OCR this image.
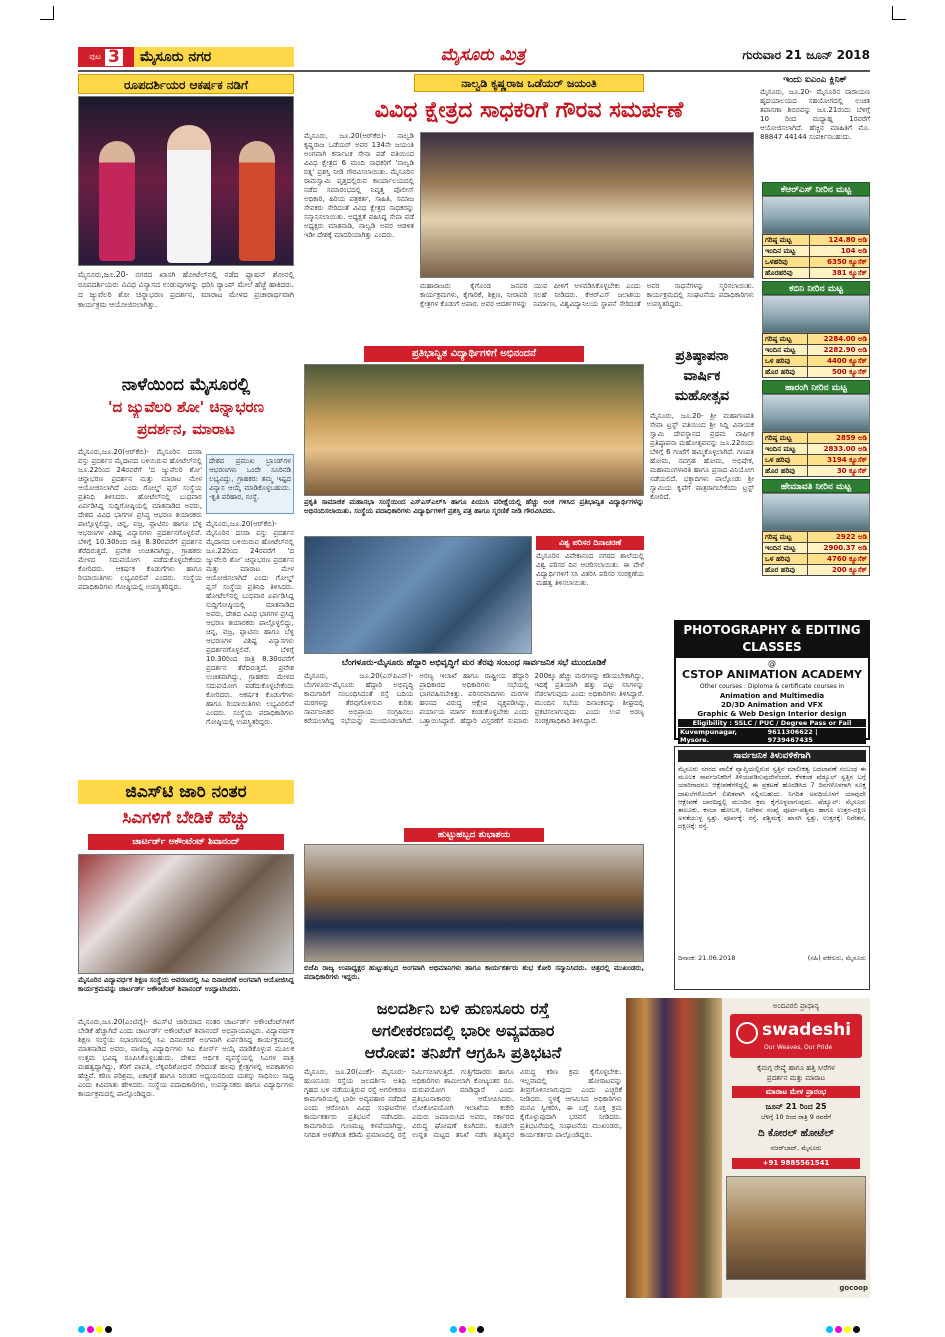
ಪುಟ 3	ಮೈಸೂರು ನಗರ	ಮೈಸೂರು ಮಿತ್ರ	ಗುರುವಾರ 21 ಜೂನ್ 2018
ರೂಪದರ್ಶಿಯರ ಆಕರ್ಷಕ ನಡಿಗೆ
ಮೈಸೂರು,ಜೂ.20- ನಗರದ ಖಾಸಗಿ ಹೋಟೆಲ್‌ನಲ್ಲಿ ನಡೆದ ಫ್ಯಾಷನ್ ಶೋನಲ್ಲಿ ರೂಪದರ್ಶಿಯರು ವಿವಿಧ ವಿನ್ಯಾಸದ ಉಡುಪುಗಳನ್ನು ಧರಿಸಿ ರ್‍ಯಾಂಪ್ ಮೇಲೆ ಹೆಜ್ಜೆ ಹಾಕಿದರು. ದ ಜ್ಯುವೆಲರಿ ಶೋ ಚಿನ್ನಾಭರಣ ಪ್ರದರ್ಶನ, ಮಾರಾಟ ಮೇಳದ ಪ್ರಚಾರಾರ್ಥವಾಗಿ ಕಾರ್ಯಕ್ರಮ ಆಯೋಜಿಸಲಾಗಿತ್ತು.
ನಾಳೆಯಿಂದ ಮೈಸೂರಲ್ಲಿ
'ದ ಜ್ಯುವೆಲರಿ ಶೋ' ಚಿನ್ನಾಭರಣ
ಪ್ರದರ್ಶನ, ಮಾರಾಟ
ಮೈಸೂರು,ಜೂ.20(ಆರ್‌ಕೆಬಿ)- ಮೈಸೂರಿನ ದಸರಾ ವಸ್ತು ಪ್ರದರ್ಶನ ಮೈದಾನದ ಬಳಿಯಿರುವ ಹೋಟೆಲ್‌ನಲ್ಲಿ ಜೂ.22ರಿಂದ 24ರವರೆಗೆ 'ದ ಜ್ಯುವೆಲರಿ ಶೋ' ಚಿನ್ನಾಭರಣ ಪ್ರದರ್ಶನ ಮತ್ತು ಮಾರಾಟ ಮೇಳ ಆಯೋಜಿಸಲಾಗಿದೆ ಎಂದು ಗೋಲ್ಡ್ ಪ್ಲಸ್ ಸಂಸ್ಥೆಯ ಪ್ರತಿನಿಧಿ ತಿಳಿಸಿದರು. ಹೋಟೆಲ್‌ನಲ್ಲಿ ಬುಧವಾರ ಏರ್ಪಡಿಸಿದ್ದ ಸುದ್ದಿಗೋಷ್ಠಿಯಲ್ಲಿ ಮಾತನಾಡಿದ ಅವರು, ದೇಶದ ವಿವಿಧ ಭಾಗಗಳ ಪ್ರಸಿದ್ಧ ಆಭರಣ ತಯಾರಕರು ಪಾಲ್ಗೊಳ್ಳಲಿದ್ದು, ಚಿನ್ನ, ವಜ್ರ, ಪ್ಲಾಟಿನಂ ಹಾಗೂ ಬೆಳ್ಳಿ ಆಭರಣಗಳ ವಿಶಿಷ್ಟ ವಿನ್ಯಾಸಗಳು ಪ್ರದರ್ಶನಗೊಳ್ಳಲಿವೆ. ಬೆಳಿಗ್ಗೆ 10.30ರಿಂದ ರಾತ್ರಿ 8.30ರವರೆಗೆ ಪ್ರದರ್ಶನ ತೆರೆದಿರುತ್ತದೆ. ಪ್ರವೇಶ ಉಚಿತವಾಗಿದ್ದು, ಗ್ರಾಹಕರು ಮೇಳದ ಸದುಪಯೋಗ ಪಡೆದುಕೊಳ್ಳಬೇಕೆಂದು ಕೋರಿದರು. ಆಕರ್ಷಕ ಕೊಡುಗೆಗಳು ಹಾಗೂ ರಿಯಾಯಿತಿಗಳು ಲಭ್ಯವಿರಲಿವೆ ಎಂದರು. ಸಂಸ್ಥೆಯ ಪದಾಧಿಕಾರಿಗಳು ಗೋಷ್ಠಿಯಲ್ಲಿ ಉಪಸ್ಥಿತರಿದ್ದರು.
ದೇಶದ ಪ್ರಮುಖ ಬ್ರಾಂಡ್‌ಗಳ ಆಭರಣಗಳು ಒಂದೇ ಸೂರಿನಡಿ ಲಭ್ಯವಿದ್ದು, ಗ್ರಾಹಕರು ತಮ್ಮ ಇಷ್ಟದ ವಿನ್ಯಾಸ ಆಯ್ಕೆ ಮಾಡಿಕೊಳ್ಳಬಹುದು. -ಕೃತಿ ಪರಿಹಾರ, ಸಂಸ್ಥೆ.
ಮೈಸೂರು,ಜೂ.20(ಆರ್‌ಕೆಬಿ)- ಮೈಸೂರಿನ ದಸರಾ ವಸ್ತು ಪ್ರದರ್ಶನ ಮೈದಾನದ ಬಳಿಯಿರುವ ಹೋಟೆಲ್‌ನಲ್ಲಿ ಜೂ.22ರಿಂದ 24ರವರೆಗೆ 'ದ ಜ್ಯುವೆಲರಿ ಶೋ' ಚಿನ್ನಾಭರಣ ಪ್ರದರ್ಶನ ಮತ್ತು ಮಾರಾಟ ಮೇಳ ಆಯೋಜಿಸಲಾಗಿದೆ ಎಂದು ಗೋಲ್ಡ್ ಪ್ಲಸ್ ಸಂಸ್ಥೆಯ ಪ್ರತಿನಿಧಿ ತಿಳಿಸಿದರು. ಹೋಟೆಲ್‌ನಲ್ಲಿ ಬುಧವಾರ ಏರ್ಪಡಿಸಿದ್ದ ಸುದ್ದಿಗೋಷ್ಠಿಯಲ್ಲಿ ಮಾತನಾಡಿದ ಅವರು, ದೇಶದ ವಿವಿಧ ಭಾಗಗಳ ಪ್ರಸಿದ್ಧ ಆಭರಣ ತಯಾರಕರು ಪಾಲ್ಗೊಳ್ಳಲಿದ್ದು, ಚಿನ್ನ, ವಜ್ರ, ಪ್ಲಾಟಿನಂ ಹಾಗೂ ಬೆಳ್ಳಿ ಆಭರಣಗಳ ವಿಶಿಷ್ಟ ವಿನ್ಯಾಸಗಳು ಪ್ರದರ್ಶನಗೊಳ್ಳಲಿವೆ. ಬೆಳಿಗ್ಗೆ 10.30ರಿಂದ ರಾತ್ರಿ 8.30ರವರೆಗೆ ಪ್ರದರ್ಶನ ತೆರೆದಿರುತ್ತದೆ. ಪ್ರವೇಶ ಉಚಿತವಾಗಿದ್ದು, ಗ್ರಾಹಕರು ಮೇಳದ ಸದುಪಯೋಗ ಪಡೆದುಕೊಳ್ಳಬೇಕೆಂದು ಕೋರಿದರು. ಆಕರ್ಷಕ ಕೊಡುಗೆಗಳು ಹಾಗೂ ರಿಯಾಯಿತಿಗಳು ಲಭ್ಯವಿರಲಿವೆ ಎಂದರು. ಸಂಸ್ಥೆಯ ಪದಾಧಿಕಾರಿಗಳು ಗೋಷ್ಠಿಯಲ್ಲಿ ಉಪಸ್ಥಿತರಿದ್ದರು.
ಜಿಎಸ್‌ಟಿ ಜಾರಿ ನಂತರ
ಸಿಎಗಳಿಗೆ ಬೇಡಿಕೆ ಹೆಚ್ಚು
ಚಾರ್ಟರ್ಡ್ ಅಕೌಂಟೆಂಟ್ ಶಿವಾನಂದ್
ಮೈಸೂರಿನ ವಿದ್ಯಾವರ್ಧಕ ಶಿಕ್ಷಣ ಸಂಸ್ಥೆಯ ಆವರಣದಲ್ಲಿ ಸಿಎ ದಿನಾಚರಣೆ ಅಂಗವಾಗಿ ಆಯೋಜಿಸಿದ್ದ ಕಾರ್ಯಕ್ರಮವನ್ನು ಚಾರ್ಟರ್ಡ್ ಅಕೌಂಟೆಂಟ್ ಶಿವಾನಂದ್ ಉದ್ಘಾಟಿಸಿದರು.
ಮೈಸೂರು,ಜೂ.20(ಎಂಟಿವೈ)- ಜಿಎಸ್‌ಟಿ ಜಾರಿಯಾದ ನಂತರ ಚಾರ್ಟರ್ಡ್ ಅಕೌಂಟೆಂಟ್‌ಗಳಿಗೆ ಬೇಡಿಕೆ ಹೆಚ್ಚಾಗಿದೆ ಎಂದು ಚಾರ್ಟರ್ಡ್ ಅಕೌಂಟೆಂಟ್ ಶಿವಾನಂದ್ ಅಭಿಪ್ರಾಯಪಟ್ಟರು. ವಿದ್ಯಾವರ್ಧಕ ಶಿಕ್ಷಣ ಸಂಸ್ಥೆಯ ಸಭಾಂಗಣದಲ್ಲಿ ಸಿಎ ದಿನಾಚರಣೆ ಅಂಗವಾಗಿ ಏರ್ಪಡಿಸಿದ್ದ ಕಾರ್ಯಕ್ರಮದಲ್ಲಿ ಮಾತನಾಡಿದ ಅವರು, ವಾಣಿಜ್ಯ ವಿದ್ಯಾರ್ಥಿಗಳು ಸಿಎ ಕೋರ್ಸ್ ಆಯ್ಕೆ ಮಾಡಿಕೊಳ್ಳುವ ಮೂಲಕ ಉತ್ತಮ ಭವಿಷ್ಯ ರೂಪಿಸಿಕೊಳ್ಳಬಹುದು. ದೇಶದ ಆರ್ಥಿಕ ವ್ಯವಸ್ಥೆಯಲ್ಲಿ ಸಿಎಗಳ ಪಾತ್ರ ಮಹತ್ವದ್ದಾಗಿದ್ದು, ತೆರಿಗೆ ಪಾವತಿ, ಲೆಕ್ಕಪರಿಶೋಧನೆ ಸೇರಿದಂತೆ ಹಲವು ಕ್ಷೇತ್ರಗಳಲ್ಲಿ ಅವಕಾಶಗಳು ಹೆಚ್ಚಿವೆ. ಕಠಿಣ ಪರಿಶ್ರಮ, ಏಕಾಗ್ರತೆ ಹಾಗೂ ನಿರಂತರ ಅಧ್ಯಯನದಿಂದ ಯಶಸ್ಸು ಸಾಧಿಸಲು ಸಾಧ್ಯ ಎಂದು ಕಿವಿಮಾತು ಹೇಳಿದರು. ಸಂಸ್ಥೆಯ ಪದಾಧಿಕಾರಿಗಳು, ಉಪನ್ಯಾಸಕರು ಹಾಗೂ ವಿದ್ಯಾರ್ಥಿಗಳು ಕಾರ್ಯಕ್ರಮದಲ್ಲಿ ಪಾಲ್ಗೊಂಡಿದ್ದರು.
ನಾಲ್ವಡಿ ಕೃಷ್ಣರಾಜ ಒಡೆಯರ್ ಜಯಂತಿ
ವಿವಿಧ ಕ್ಷೇತ್ರದ ಸಾಧಕರಿಗೆ ಗೌರವ ಸಮರ್ಪಣೆ
ಮೈಸೂರು, ಜೂ.20(ಆರ್‌ಕೆಬಿ)- ನಾಲ್ವಡಿ ಕೃಷ್ಣರಾಜ ಒಡೆಯರ್ ಅವರ 134ನೇ ಜಯಂತಿ ಅಂಗವಾಗಿ ಕರ್ನಾಟಕ ಸೇನಾ ಪಡೆ ವತಿಯಿಂದ ವಿವಿಧ ಕ್ಷೇತ್ರದ 6 ಮಂದಿ ಸಾಧಕರಿಗೆ 'ನಾಲ್ವಡಿ ರತ್ನ' ಪ್ರಶಸ್ತಿ ನೀಡಿ ಗೌರವಿಸಲಾಯಿತು. ಮೈಸೂರಿನ ರಾಮಸ್ವಾಮಿ ವೃತ್ತದಲ್ಲಿರುವ ಕಾರ್ಯಾಲಯದಲ್ಲಿ ನಡೆದ ಸಮಾರಂಭದಲ್ಲಿ ನಿವೃತ್ತ ಪೊಲೀಸ್ ಅಧಿಕಾರಿ, ಹಿರಿಯ ಪತ್ರಕರ್ತ, ಸಾಹಿತಿ, ಸಮಾಜ ಸೇವಕರು ಸೇರಿದಂತೆ ವಿವಿಧ ಕ್ಷೇತ್ರದ ಸಾಧಕರನ್ನು ಸನ್ಮಾನಿಸಲಾಯಿತು. ಅಧ್ಯಕ್ಷತೆ ವಹಿಸಿದ್ದ ಸೇನಾ ಪಡೆ ಅಧ್ಯಕ್ಷರು ಮಾತನಾಡಿ, ನಾಲ್ವಡಿ ಅವರ ಆಡಳಿತ ಇಡೀ ದೇಶಕ್ಕೆ ಮಾದರಿಯಾಗಿತ್ತು ಎಂದರು.
ಮಹಾರಾಜರು ಕೈಗೊಂಡ ಜನಪರ ಕಾರ್ಯಕ್ರಮಗಳು, ಕೈಗಾರಿಕೆ, ಶಿಕ್ಷಣ, ನೀರಾವರಿ ಕ್ಷೇತ್ರಗಳ ಕೊಡುಗೆ ಅಪಾರ. ಅವರ ಆದರ್ಶಗಳನ್ನು ಯುವ ಪೀಳಿಗೆ ಅಳವಡಿಸಿಕೊಳ್ಳಬೇಕು ಎಂದು ಸಲಹೆ ನೀಡಿದರು. ಕೆಆರ್‌ಎಸ್ ಜಲಾಶಯ ನಿರ್ಮಾಣ, ವಿಶ್ವವಿದ್ಯಾನಿಲಯ ಸ್ಥಾಪನೆ ಸೇರಿದಂತೆ ಅವರ ಸಾಧನೆಗಳನ್ನು ಸ್ಮರಿಸಲಾಯಿತು. ಕಾರ್ಯಕ್ರಮದಲ್ಲಿ ಸಂಘಟನೆಯ ಪದಾಧಿಕಾರಿಗಳು ಉಪಸ್ಥಿತರಿದ್ದರು.
ಪ್ರತಿಭಾನ್ವಿತ ವಿದ್ಯಾರ್ಥಿಗಳಿಗೆ ಅಭಿನಂದನೆ
ಪ್ರಕೃತಿ ಸಾಮಾಜಿಕ ಮಹಾಸಭಾ ಸಂಸ್ಥೆಯಿಂದ ಎಸ್‌ಎಸ್‌ಎಲ್‌ಸಿ ಹಾಗೂ ಪಿಯುಸಿ ಪರೀಕ್ಷೆಯಲ್ಲಿ ಹೆಚ್ಚು ಅಂಕ ಗಳಿಸಿದ ಪ್ರತಿಭಾನ್ವಿತ ವಿದ್ಯಾರ್ಥಿಗಳನ್ನು ಅಭಿನಂದಿಸಲಾಯಿತು. ಸಂಸ್ಥೆಯ ಪದಾಧಿಕಾರಿಗಳು ವಿದ್ಯಾರ್ಥಿಗಳಿಗೆ ಪ್ರಶಸ್ತಿ ಪತ್ರ ಹಾಗೂ ಸ್ಮರಣಿಕೆ ನೀಡಿ ಗೌರವಿಸಿದರು.
ಪ್ರತಿಷ್ಠಾಪನಾ
ವಾರ್ಷಿಕ
ಮಹೋತ್ಸವ
ಮೈಸೂರು, ಜೂ.20- ಶ್ರೀ ಮಹಾಗಣಪತಿ ಸೇವಾ ಟ್ರಸ್ಟ್ ವತಿಯಿಂದ ಶ್ರೀ ಸಿದ್ದಿ ವಿನಾಯಕ ಸ್ವಾಮಿ ದೇವಸ್ಥಾನದ ಪ್ರಥಮ ವಾರ್ಷಿಕ ಪ್ರತಿಷ್ಠಾಪನಾ ಮಹೋತ್ಸವವನ್ನು ಜೂ.22ರಂದು ಬೆಳಿಗ್ಗೆ 6 ಗಂಟೆಗೆ ಹಮ್ಮಿಕೊಳ್ಳಲಾಗಿದೆ. ಗಣಪತಿ ಹೋಮ, ನವಗ್ರಹ ಹೋಮ, ಅಭಿಷೇಕ, ಮಹಾಮಂಗಳಾರತಿ ಹಾಗೂ ಪ್ರಸಾದ ವಿನಿಯೋಗ ನಡೆಯಲಿದೆ. ಭಕ್ತಾದಿಗಳು ಪಾಲ್ಗೊಂಡು ಶ್ರೀ ಸ್ವಾಮಿಯ ಕೃಪೆಗೆ ಪಾತ್ರರಾಗಬೇಕೆಂದು ಟ್ರಸ್ಟ್ ಕೋರಿದೆ.
ವಿಶ್ವ ಪರಿಸರ ದಿನಾಚರಣೆ
ಮೈಸೂರಿನ ವಿವೇಕಾನಂದ ನಗರದ ಶಾಲೆಯಲ್ಲಿ ವಿಶ್ವ ಪರಿಸರ ದಿನ ಆಚರಿಸಲಾಯಿತು. ಈ ವೇಳೆ ವಿದ್ಯಾರ್ಥಿಗಳಿಗೆ ಸಸಿ ವಿತರಿಸಿ ಪರಿಸರ ಸಂರಕ್ಷಣೆಯ ಮಹತ್ವ ತಿಳಿಸಲಾಯಿತು.
ಬೆಂಗಳೂರು-ಮೈಸೂರು ಹೆದ್ದಾರಿ ಅಭಿವೃದ್ಧಿಗೆ ಮರ ತೆರವು ಸಂಬಂಧ ಸಾರ್ವಜನಿಕ ಸಭೆ ಮುಂದೂಡಿಕೆ
ಮೈಸೂರು, ಜೂ.20(ಎಸ್‌ಪಿಎನ್)- ಬೆಂಗಳೂರು-ಮೈಸೂರು ಹೆದ್ದಾರಿ ಅಭಿವೃದ್ಧಿ ಕಾಮಗಾರಿಗೆ ಸಂಬಂಧಿಸಿದಂತೆ ರಸ್ತೆ ಬದಿಯ ಮರಗಳನ್ನು ತೆರವುಗೊಳಿಸುವ ಕುರಿತು ಸಾರ್ವಜನಿಕರ ಅಭಿಪ್ರಾಯ ಸಂಗ್ರಹಿಸಲು ಕರೆಯಲಾಗಿದ್ದ ಸಭೆಯನ್ನು ಮುಂದೂಡಲಾಗಿದೆ. ಅರಣ್ಯ ಇಲಾಖೆ ಹಾಗೂ ರಾಷ್ಟ್ರೀಯ ಹೆದ್ದಾರಿ ಪ್ರಾಧಿಕಾರದ ಅಧಿಕಾರಿಗಳು ಸಭೆಯಲ್ಲಿ ಭಾಗವಹಿಸಬೇಕಿತ್ತು. ಪರಿಸರವಾದಿಗಳು ಮರಗಳ ಹನನದ ವಿರುದ್ಧ ಆಕ್ಷೇಪ ವ್ಯಕ್ತಪಡಿಸಿದ್ದು, ಪರ್ಯಾಯ ಮಾರ್ಗ ಕಂಡುಕೊಳ್ಳಬೇಕು ಎಂದು ಒತ್ತಾಯಿಸಿದ್ದಾರೆ. ಹೆದ್ದಾರಿ ವಿಸ್ತರಣೆಗೆ ಸುಮಾರು 200ಕ್ಕೂ ಹೆಚ್ಚು ಮರಗಳನ್ನು ಕಡಿಯಬೇಕಾಗಿದ್ದು, ಇದಕ್ಕೆ ಪ್ರತಿಯಾಗಿ ಹತ್ತು ಪಟ್ಟು ಸಸಿಗಳನ್ನು ನೆಡಲಾಗುವುದು ಎಂದು ಅಧಿಕಾರಿಗಳು ತಿಳಿಸಿದ್ದಾರೆ. ಮುಂದಿನ ಸಭೆಯ ದಿನಾಂಕವನ್ನು ಶೀಘ್ರದಲ್ಲಿ ಪ್ರಕಟಿಸಲಾಗುವುದು ಎಂದು ಉಪ ಅರಣ್ಯ ಸಂರಕ್ಷಣಾಧಿಕಾರಿ ತಿಳಿಸಿದ್ದಾರೆ.
ಹುಟ್ಟುಹಬ್ಬದ ಶುಭಾಶಯ
ಬಿಜೆಪಿ ರಾಜ್ಯ ಉಪಾಧ್ಯಕ್ಷರ ಹುಟ್ಟುಹಬ್ಬದ ಅಂಗವಾಗಿ ಅಭಿಮಾನಿಗಳು ಹಾಗೂ ಕಾರ್ಯಕರ್ತರು ಶುಭ ಕೋರಿ ಸನ್ಮಾನಿಸಿದರು. ಚಿತ್ರದಲ್ಲಿ ಮುಖಂಡರು, ಪದಾಧಿಕಾರಿಗಳು ಇದ್ದರು.
ಜಲದರ್ಶಿನಿ ಬಳಿ ಹುಣಸೂರು ರಸ್ತೆ
ಅಗಲೀಕರಣದಲ್ಲಿ ಭಾರೀ ಅವ್ಯವಹಾರ
ಆರೋಪ: ತನಿಖೆಗೆ ಆಗ್ರಹಿಸಿ ಪ್ರತಿಭಟನೆ
ಮೈಸೂರು, ಜೂ.20(ಎಂಕೆ)- ಮೈಸೂರು-ಹುಣಸೂರು ರಸ್ತೆಯ ಜಲದರ್ಶಿನಿ ಅತಿಥಿ ಗೃಹದ ಬಳಿ ನಡೆಯುತ್ತಿರುವ ರಸ್ತೆ ಅಗಲೀಕರಣ ಕಾಮಗಾರಿಯಲ್ಲಿ ಭಾರೀ ಅವ್ಯವಹಾರ ನಡೆದಿದೆ ಎಂದು ಆರೋಪಿಸಿ ವಿವಿಧ ಸಂಘಟನೆಗಳ ಕಾರ್ಯಕರ್ತರು ಪ್ರತಿಭಟನೆ ನಡೆಸಿದರು. ಕಾಮಗಾರಿಯ ಗುಣಮಟ್ಟ ಕಳಪೆಯಾಗಿದ್ದು, ನಿಗದಿತ ಅಳತೆಗಿಂತ ಕಡಿಮೆ ಪ್ರಮಾಣದಲ್ಲಿ ರಸ್ತೆ ನಿರ್ಮಿಸಲಾಗುತ್ತಿದೆ. ಗುತ್ತಿಗೆದಾರರು ಹಾಗೂ ಅಧಿಕಾರಿಗಳು ಶಾಮೀಲಾಗಿ ಕೋಟ್ಯಂತರ ರೂ. ದುರುಪಯೋಗ ಮಾಡಿದ್ದಾರೆ ಎಂದು ಪ್ರತಿಭಟನಾಕಾರರು ಆರೋಪಿಸಿದರು. ಲೋಕೋಪಯೋಗಿ ಇಲಾಖೆಯ ಕಚೇರಿ ಎದುರು ಜಮಾಯಿಸಿದ ಅವರು, ಸರ್ಕಾರದ ವಿರುದ್ಧ ಘೋಷಣೆ ಕೂಗಿದರು. ಕೂಡಲೇ ಉನ್ನತ ಮಟ್ಟದ ತನಿಖೆ ನಡೆಸಿ ತಪ್ಪಿತಸ್ಥರ ವಿರುದ್ಧ ಕಠಿಣ ಕ್ರಮ ಕೈಗೊಳ್ಳಬೇಕು. ಇಲ್ಲವಾದಲ್ಲಿ ಹೋರಾಟವನ್ನು ತೀವ್ರಗೊಳಿಸಲಾಗುವುದು ಎಂದು ಎಚ್ಚರಿಕೆ ನೀಡಿದರು. ಸ್ಥಳಕ್ಕೆ ಆಗಮಿಸಿದ ಅಧಿಕಾರಿಗಳು ಮನವಿ ಸ್ವೀಕರಿಸಿ, ಈ ಬಗ್ಗೆ ಸೂಕ್ತ ಕ್ರಮ ಕೈಗೊಳ್ಳುವುದಾಗಿ ಭರವಸೆ ನೀಡಿದರು. ಪ್ರತಿಭಟನೆಯಲ್ಲಿ ಸಂಘಟನೆಯ ಮುಖಂಡರು, ಕಾರ್ಯಕರ್ತರು ಪಾಲ್ಗೊಂಡಿದ್ದರು.
ಇಂದು ಐಎಂಎ ಕ್ಲಿನಿಕ್
ಮೈಸೂರು, ಜೂ.20- ಮೈಸೂರಿನ ನಾರಾಯಣ ಹೃದಯಾಲಯದ ಸಹಯೋಗದಲ್ಲಿ ಉಚಿತ ತಪಾಸಣಾ ಶಿಬಿರವನ್ನು ಜೂ.21ರಂದು ಬೆಳಿಗ್ಗೆ 10 ರಿಂದ ಮಧ್ಯಾಹ್ನ 1ರವರೆಗೆ ಆಯೋಜಿಸಲಾಗಿದೆ. ಹೆಚ್ಚಿನ ಮಾಹಿತಿಗೆ ಮೊ. 88847 44144 ಸಂಪರ್ಕಿಸಬಹುದು.
ಕೆಆರ್‌ಎಸ್ ನೀರಿನ ಮಟ್ಟ
ಗರಿಷ್ಠ ಮಟ್ಟ	124.80 ಅಡಿ
ಇಂದಿನ ಮಟ್ಟ	104 ಅಡಿ
ಒಳಹರಿವು	6350 ಕ್ಯೂಸೆಕ್
ಹೊರಹರಿವು	381 ಕ್ಯೂಸೆಕ್
ಕಬಿನಿ ನೀರಿನ ಮಟ್ಟ
ಗರಿಷ್ಠ ಮಟ್ಟ	2284.00 ಅಡಿ
ಇಂದಿನ ಮಟ್ಟ	2282.90 ಅಡಿ
ಒಳ ಹರಿವು	4400 ಕ್ಯೂಸೆಕ್
ಹೊರ ಹರಿವು	500 ಕ್ಯೂಸೆಕ್
ಹಾರಂಗಿ ನೀರಿನ ಮಟ್ಟ
ಗರಿಷ್ಠ ಮಟ್ಟ	2859 ಅಡಿ
ಇಂದಿನ ಮಟ್ಟ	2833.00 ಅಡಿ
ಒಳ ಹರಿವು	3194 ಕ್ಯೂಸೆಕ್
ಹೊರ ಹರಿವು	30 ಕ್ಯೂಸೆಕ್
ಹೇಮಾವತಿ ನೀರಿನ ಮಟ್ಟ
ಗರಿಷ್ಠ ಮಟ್ಟ	2922 ಅಡಿ
ಇಂದಿನ ಮಟ್ಟ	2900.37 ಅಡಿ
ಒಳ ಹರಿವು	4760 ಕ್ಯೂಸೆಕ್
ಹೊರ ಹರಿವು	200 ಕ್ಯೂಸೆಕ್
PHOTOGRAPHY & EDITING
CLASSES
@
CSTOP ANIMATION ACADEMY
Other courses : Diploma & certificate courses in
Animation and Multimedia
2D/3D Animation and VFX
Graphic & Web Design Interior design
Eligibility : SSLC / PUC / Degree Pass or Fail
Kuvempunagar, Mysore.
9611306622 | 9739467435
ಸಾರ್ವಜನಿಕ ತಿಳುವಳಿಕೆಗಾಗಿ
ಮೈಸೂರು ನಗರದ ಪಾಲಿಕೆ ವ್ಯಾಪ್ತಿಯಲ್ಲಿರುವ ಸ್ವತ್ತಿನ ಮಾಲೀಕತ್ವ ಬದಲಾವಣೆ ಸಂಬಂಧ ಈ ಮೂಲಕ ಸಾರ್ವಜನಿಕರಿಗೆ ತಿಳಿಯಪಡಿಸುವುದೇನೆಂದರೆ, ಕೆಳಕಂಡ ಷೆಡ್ಯೂಲ್ ಸ್ವತ್ತಿನ ಬಗ್ಗೆ ಯಾರಿಗಾದರೂ ಆಕ್ಷೇಪಣೆಗಳಿದ್ದಲ್ಲಿ ಈ ಪ್ರಕಟಣೆ ಹೊರಡಿಸಿದ 7 ದಿನಗಳೊಳಗಾಗಿ ಸೂಕ್ತ ದಾಖಲೆಗಳೊಂದಿಗೆ ಲಿಖಿತವಾಗಿ ಸಲ್ಲಿಸಬಹುದು. ನಿಗದಿತ ಅವಧಿಯೊಳಗೆ ಯಾವುದೇ ಆಕ್ಷೇಪಣೆ ಬಾರದಿದ್ದಲ್ಲಿ ಮುಂದಿನ ಕ್ರಮ ಕೈಗೊಳ್ಳಲಾಗುವುದು. ಷೆಡ್ಯೂಲ್: ಮೈಸೂರು ತಾಲೂಕು, ಕಸಬಾ ಹೋಬಳಿ, ನಿವೇಶನ ಸಂಖ್ಯೆ ಪೂರ್ವ-ಪಶ್ಚಿಮ ಹಾಗೂ ಉತ್ತರ-ದಕ್ಷಿಣ ಅಳತೆಯುಳ್ಳ ಸ್ವತ್ತು. ಪೂರ್ವಕ್ಕೆ: ರಸ್ತೆ, ಪಶ್ಚಿಮಕ್ಕೆ: ಖಾಸಗಿ ಸ್ವತ್ತು, ಉತ್ತರಕ್ಕೆ: ನಿವೇಶನ, ದಕ್ಷಿಣಕ್ಕೆ: ರಸ್ತೆ.
ದಿನಾಂಕ: 21.06.2018	(ಸಹಿ) ವಕೀಲರು, ಮೈಸೂರು
ಅಂದವಿರಲಿ ಪ್ರಾಧಾನ್ಯ
swadeshi
Our Weaves, Our Pride
ಕೈಮಗ್ಗ ರೇಷ್ಮೆ ಹಾಗೂ ಹತ್ತಿ ಸೀರೆಗಳ
ಪ್ರದರ್ಶನ ಮತ್ತು ಮಾರಾಟ
ಮಾರಾಟ ಮೇಳ ಪ್ರಾರಂಭ
ಜೂನ್ 21 ರಿಂದ 25
ಬೆಳಿಗ್ಗೆ 10 ರಿಂದ ರಾತ್ರಿ 9 ರವರೆಗೆ
ದಿ ಕೋರಲ್ ಹೋಟೆಲ್
ನಜರ್‌ಬಾದ್, ಮೈಸೂರು
+91 9885561541
gocoop
